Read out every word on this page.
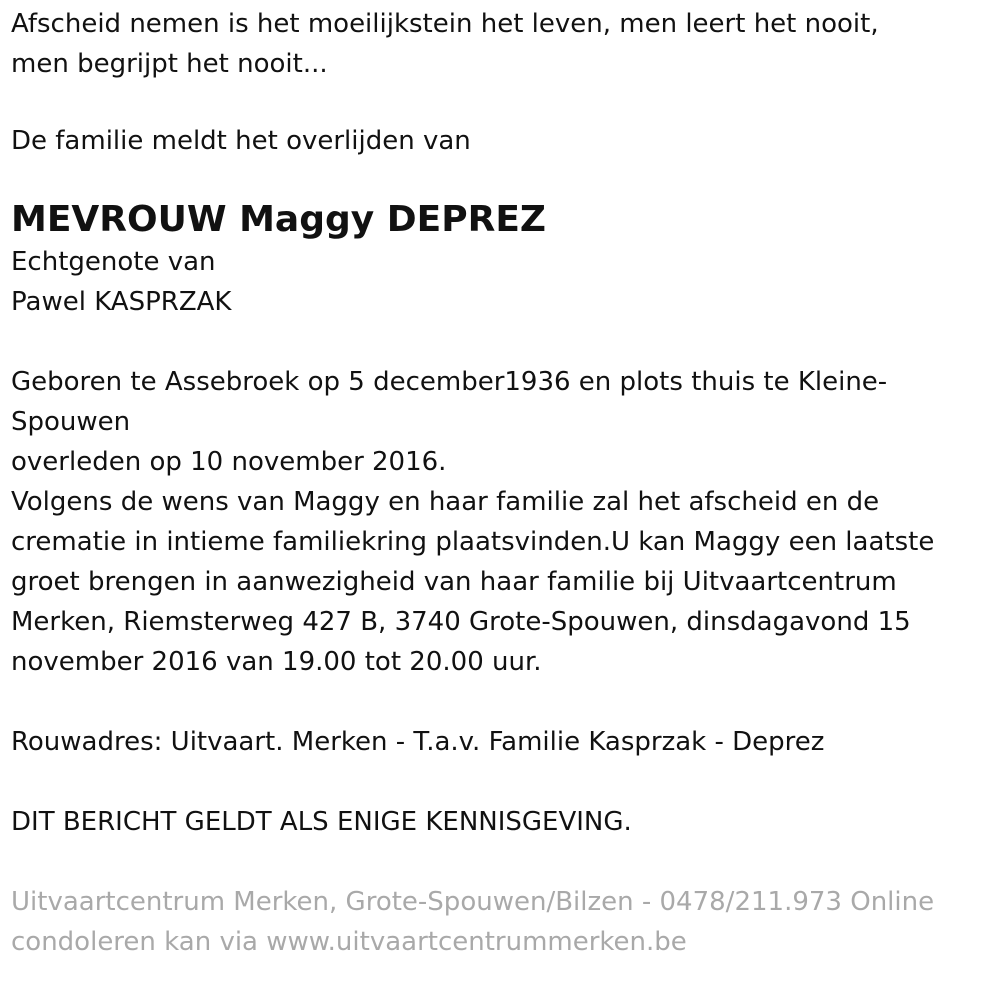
Afscheid nemen is het moeilijkstein het leven, men leert het nooit,

men begrijpt het nooit...

De familie meldt het overlijden van

MEVROUW Maggy DEPREZ

Echtgenote van

Pawel KASPRZAK

Geboren te Assebroek op 5 december1936 en plots thuis te Kleine-

Spouwen

overleden op 10 november 2016.

Volgens de wens van Maggy en haar familie zal het afscheid en de

crematie in intieme familiekring plaatsvinden.U kan Maggy een laatste

groet brengen in aanwezigheid van haar familie bij Uitvaartcentrum

Merken, Riemsterweg 427 B, 3740 Grote-Spouwen, dinsdagavond 15

november 2016 van 19.00 tot 20.00 uur.

Rouwadres: Uitvaart. Merken - T.a.v. Familie Kasprzak - Deprez

DIT BERICHT GELDT ALS ENIGE KENNISGEVING.

Uitvaartcentrum Merken, Grote-Spouwen/Bilzen - 0478/211.973 Online

condoleren kan via www.uitvaartcentrummerken.be
